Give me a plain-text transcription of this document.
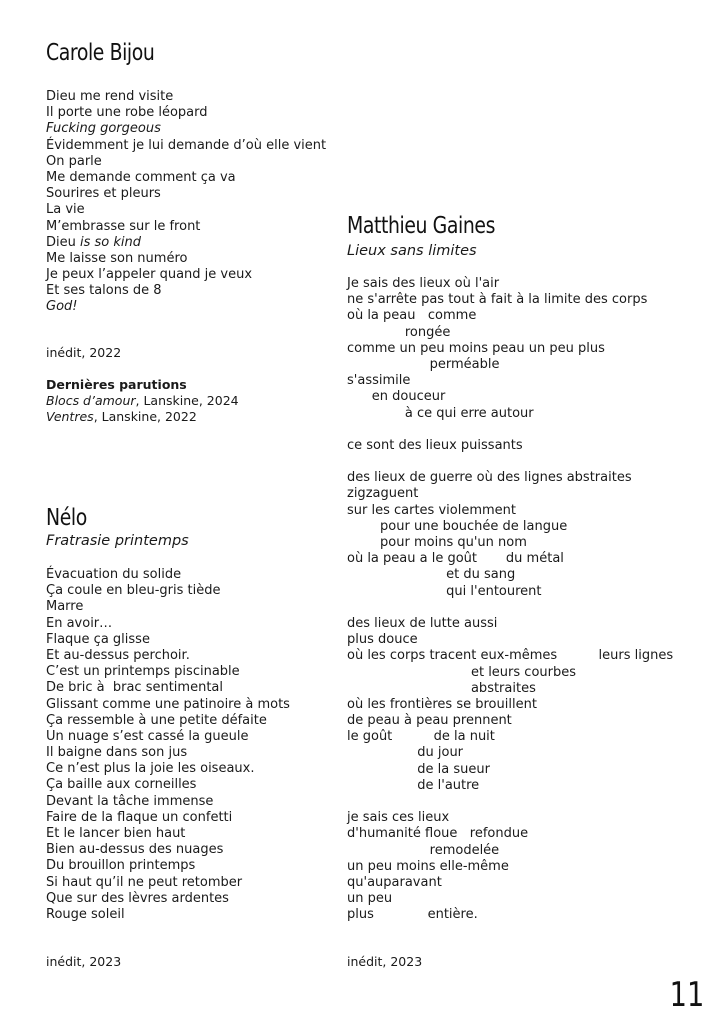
Carole Bijou
Dieu me rend visite
Il porte une robe léopard
Fucking gorgeous
Évidemment je lui demande d’où elle vient
On parle
Me demande comment ça va
Sourires et pleurs
La vie
M’embrasse sur le front
Dieu is so kind
Me laisse son numéro
Je peux l’appeler quand je veux
Et ses talons de 8
God!

inédit, 2022

Dernières parutions
Blocs d’amour, Lanskine, 2024
Ventres, Lanskine, 2022
Nélo

Fratrasie printemps

Évacuation du solide
Ça coule en bleu-gris tiède
Marre
En avoir…
Flaque ça glisse
Et au-dessus perchoir.
C’est un printemps piscinable
De bric à  brac sentimental
Glissant comme une patinoire à mots
Ça ressemble à une petite défaite
Un nuage s’est cassé la gueule
Il baigne dans son jus
Ce n’est plus la joie les oiseaux.
Ça baille aux corneilles
Devant la tâche immense
Faire de la flaque un confetti
Et le lancer bien haut
Bien au-dessus des nuages
Du brouillon printemps
Si haut qu’il ne peut retomber
Que sur des lèvres ardentes
Rouge soleil

inédit, 2023

Matthieu Gaines

Lieux sans limites

Je sais des lieux où l'air
ne s'arrête pas tout à fait à la limite des corps
où la peau   comme
rongée
comme un peu moins peau un peu plus
perméable
s'assimile
en douceur
à ce qui erre autour
ce sont des lieux puissants
des lieux de guerre où des lignes abstraites
zigzaguent
sur les cartes violemment
pour une bouchée de langue
pour moins qu'un nom
où la peau a le goût       du métal
et du sang
qui l'entourent
des lieux de lutte aussi
plus douce
où les corps tracent eux-mêmes          leurs lignes
et leurs courbes
abstraites
où les frontières se brouillent
de peau à peau prennent
le goût          de la nuit
du jour
de la sueur
de l'autre
je sais ces lieux
d'humanité floue   refondue
remodelée
un peu moins elle-même
qu'auparavant
un peu
plus             entière.

inédit, 2023

11
